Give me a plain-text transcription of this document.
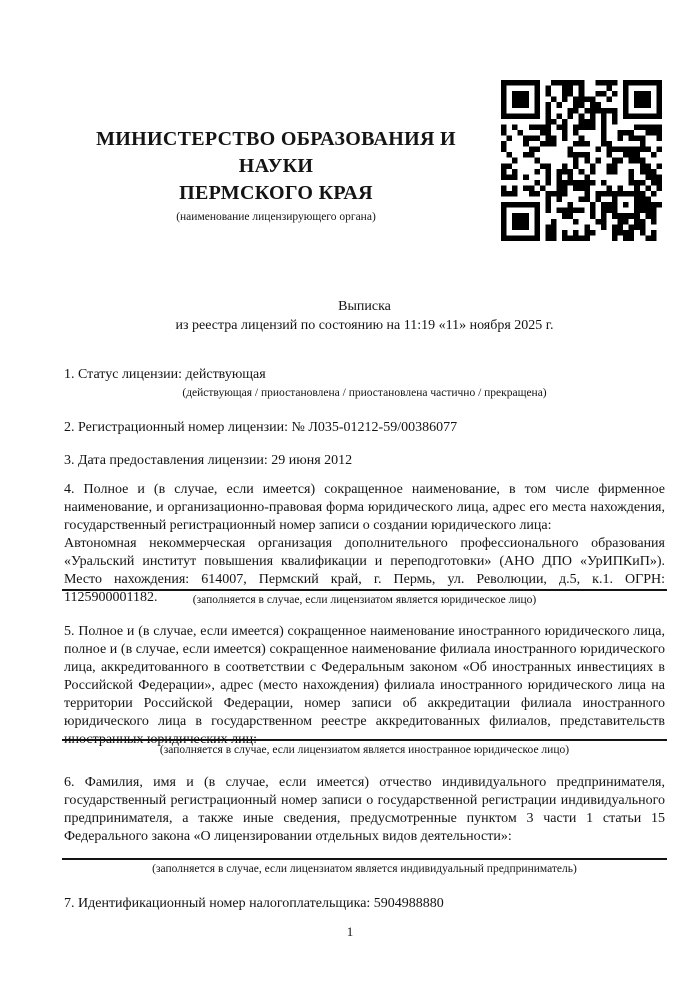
МИНИСТЕРСТВО ОБРАЗОВАНИЯ И НАУКИ
ПЕРМСКОГО КРАЯ
(наименование лицензирующего органа)
Выписка
из реестра лицензий по состоянию на 11:19 «11» ноября 2025 г.
1. Статус лицензии: действующая
(действующая / приостановлена / приостановлена частично / прекращена)
2. Регистрационный номер лицензии: № Л035-01212-59/00386077
3. Дата предоставления лицензии: 29 июня 2012
4. Полное и (в случае, если имеется) сокращенное наименование, в том числе фирменное наименование, и организационно-правовая форма юридического лица, адрес его места нахождения, государственный регистрационный номер записи о создании юридического лица:
Автономная некоммерческая организация дополнительного профессионального образования «Уральский институт повышения квалификации и переподготовки» (АНО ДПО «УрИПКиП»). Место нахождения: 614007, Пермский край, г. Пермь, ул. Революции, д.5, к.1. ОГРН: 1125900001182.	(заполняется в случае, если лицензиатом является юридическое лицо)
5. Полное и (в случае, если имеется) сокращенное наименование иностранного юридического лица, полное и (в случае, если имеется) сокращенное наименование филиала иностранного юридического лица, аккредитованного в соответствии с Федеральным законом «Об иностранных инвестициях в Российской Федерации», адрес (место нахождения) филиала иностранного юридического лица на территории Российской Федерации, номер записи об аккредитации филиала иностранного юридического лица в государственном реестре аккредитованных филиалов, представительств иностранных юридических лиц:
(заполняется в случае, если лицензиатом является иностранное юридическое лицо)
6. Фамилия, имя и (в случае, если имеется) отчество индивидуального предпринимателя, государственный регистрационный номер записи о государственной регистрации индивидуального предпринимателя, а также иные сведения, предусмотренные пунктом 3 части 1 статьи 15 Федерального закона «О лицензировании отдельных видов деятельности»:
(заполняется в случае, если лицензиатом является индивидуальный предприниматель)
7. Идентификационный номер налогоплательщика: 5904988880
1
